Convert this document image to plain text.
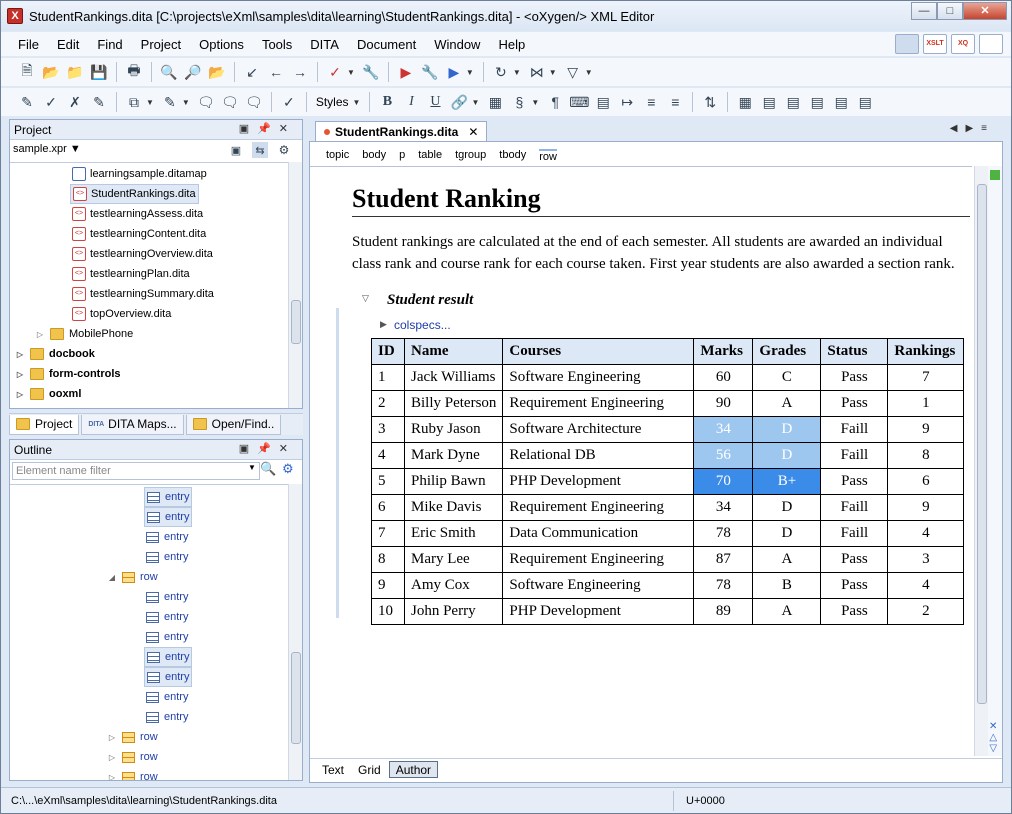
X StudentRankings.dita [C:\projects\eXml\samples\dita\learning\StudentRankings.dita] - <oXygen/> XML Editor	—	□	✕
File	Edit	Find	Project	Options	Tools	DITA	Document	Window	Help	XSLT	XQ
🗎 📂 📁 💾 🖶 🔍 🔎 📂 ↙ ← → ✓ ▼ 🔧	▶ 🔧 ▶ ▼ ↻ ▼ ⋈ ▼ ▽ ▼
✎ ✓ ✗ ✎	⧉ ▼ ✎ ▼ 🗨 🗨 🗨 ✓	Styles ▼	B	I	U 🔗 ▼ ▦ §	▼ ¶ ⌨ ▤ ↦	≡	≡	⇅ ▦ ▤ ▤ ▤ ▤ ▤
Project	▣📌✕
sample.xpr ▼	▣	⇆ ⚙
learningsample.ditamap
<> StudentRankings.dita
<> testlearningAssess.dita
<> testlearningContent.dita
<> testlearningOverview.dita
<> testlearningPlan.dita
<> testlearningSummary.dita
<> topOverview.dita
▷ MobilePhone
▷ docbook
▷ form-controls
▷ ooxml
Project DITA DITA Maps...	Open/Find..
Outline	▣📌✕
Element name filter	▼ 🔍 ⚙
entry
entry
entry
entry
◢ row
entry
entry
entry
entry
entry
entry
entry
▷ row
▷ row
▷ row
topic body p table tgroup tbody row
Student Ranking
Student rankings are calculated at the end of each semester. All students are awarded an individual class rank and course rank for each course taken. First year students are also awarded a section rank.
▽ Student result
▶ colspecs...
ID	Name	Courses	Marks	Grades	Status	Rankings
1	Jack Williams	Software Engineering	60	C	Pass	7
2	Billy Peterson	Requirement Engineering	90	A	Pass	1
3	Ruby Jason	Software Architecture	34	D	Faill	9
4	Mark Dyne	Relational DB	56	D	Faill	8
5	Philip Bawn	PHP Development	70	B+	Pass	6
6	Mike Davis	Requirement Engineering	34	D	Faill	9
7	Eric Smith	Data Communication	78	D	Faill	4
8	Mary Lee	Requirement Engineering	87	A	Pass	3
9	Amy Cox	Software Engineering	78	B	Pass	4
10	John Perry	PHP Development	89	A	Pass	2
✕
△
▽
Text	Grid	Author
StudentRankings.dita ✕	◀▶≡
C:\...\eXml\samples\dita\learning\StudentRankings.dita	U+0000
